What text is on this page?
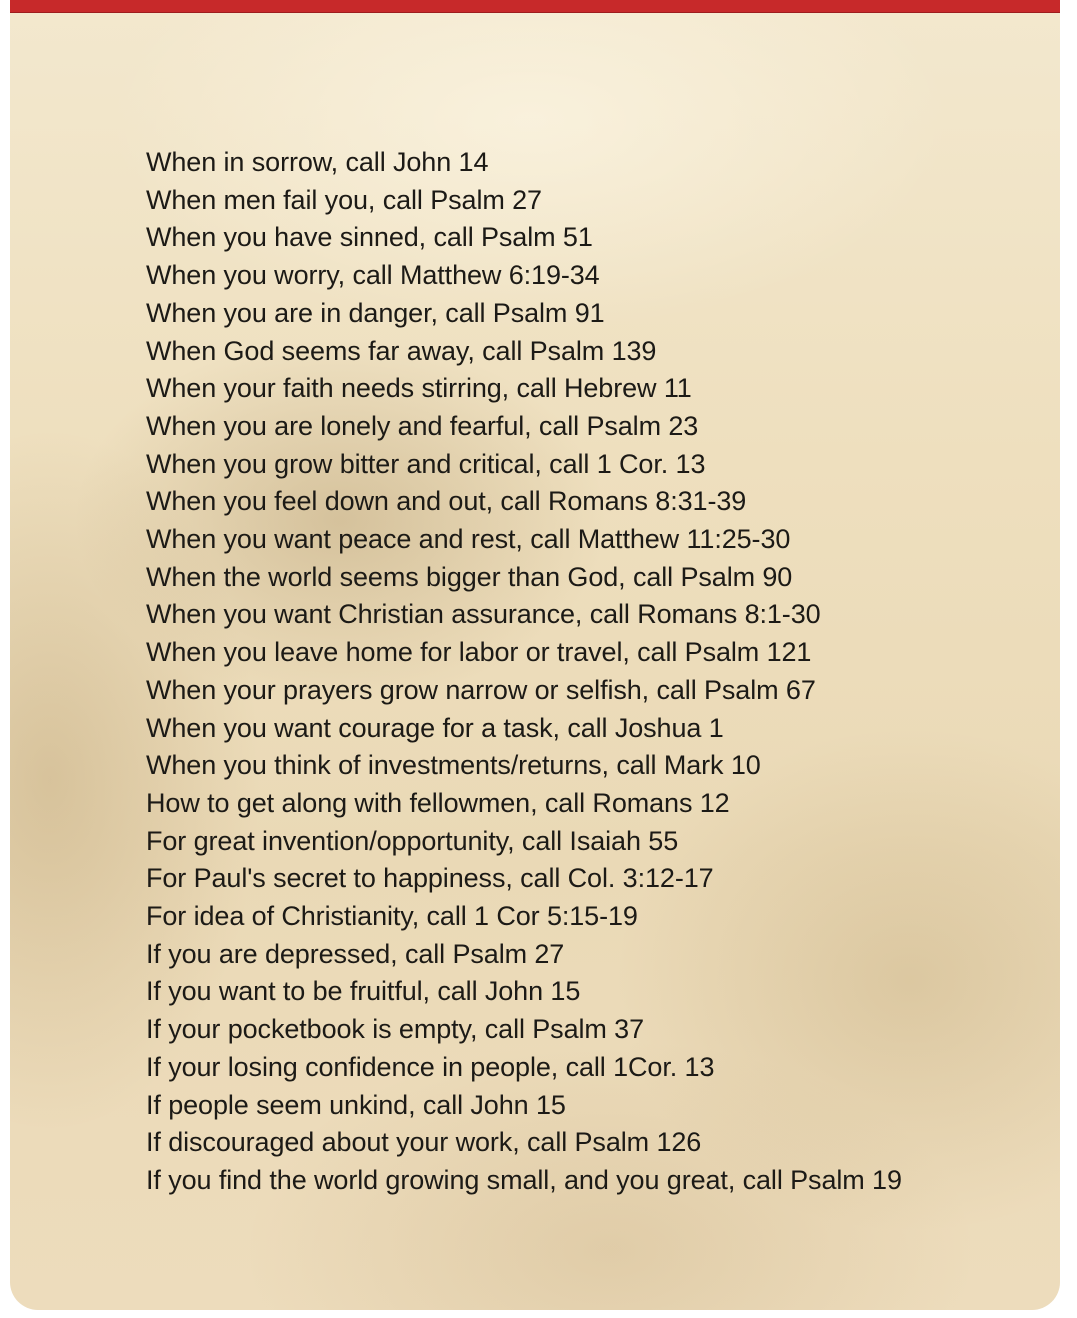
When in sorrow, call John 14
When men fail you, call Psalm 27
When you have sinned, call Psalm 51
When you worry, call Matthew 6:19-34
When you are in danger, call Psalm 91
When God seems far away, call Psalm 139
When your faith needs stirring, call Hebrew 11
When you are lonely and fearful, call Psalm 23
When you grow bitter and critical, call 1 Cor. 13
When you feel down and out, call Romans 8:31-39
When you want peace and rest, call Matthew 11:25-30
When the world seems bigger than God, call Psalm 90
When you want Christian assurance, call Romans 8:1-30
When you leave home for labor or travel, call Psalm 121
When your prayers grow narrow or selfish, call Psalm 67
When you want courage for a task, call Joshua 1
When you think of investments/returns, call Mark 10
How to get along with fellowmen, call Romans 12
For great invention/opportunity, call Isaiah 55
For Paul's secret to happiness, call Col. 3:12-17
For idea of Christianity, call 1 Cor 5:15-19
If you are depressed, call Psalm 27
If you want to be fruitful, call John 15
If your pocketbook is empty, call Psalm 37
If your losing confidence in people, call 1Cor. 13
If people seem unkind, call John 15
If discouraged about your work, call Psalm 126
If you find the world growing small, and you great, call Psalm 19
